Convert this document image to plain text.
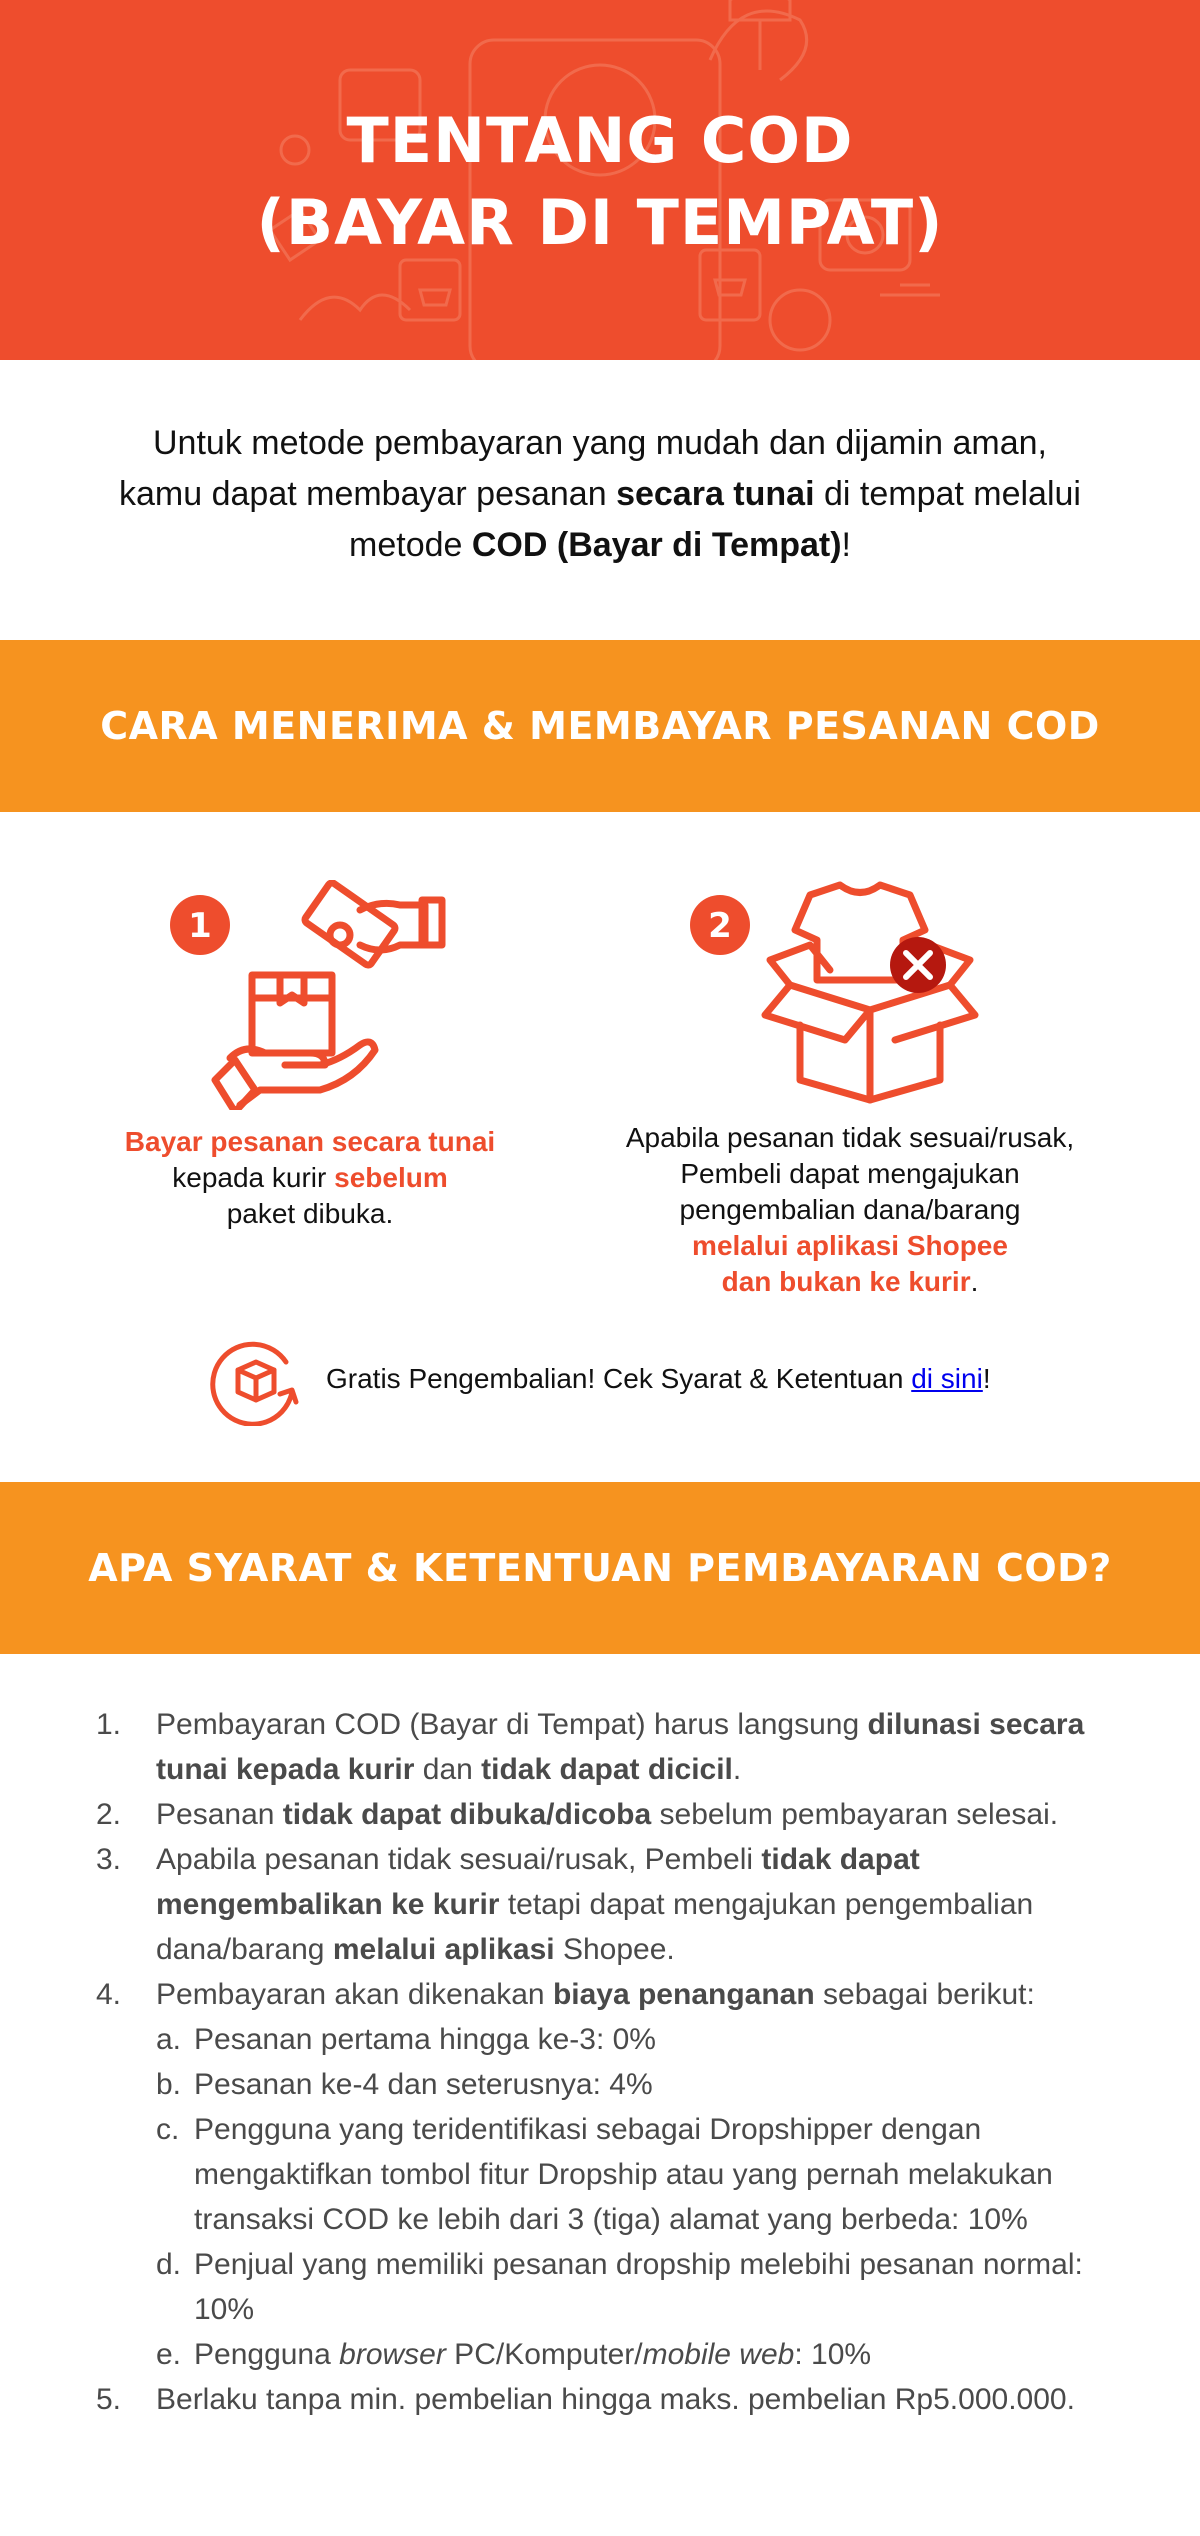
TENTANG COD
(BAYAR DI TEMPAT)
Untuk metode pembayaran yang mudah dan dijamin aman,
kamu dapat membayar pesanan secara tunai di tempat melalui
metode COD (Bayar di Tempat)!
CARA MENERIMA & MEMBAYAR PESANAN COD
1
Bayar pesanan secara tunai
kepada kurir sebelum
paket dibuka.
2
Apabila pesanan tidak sesuai/rusak,
Pembeli dapat mengajukan
pengembalian dana/barang
melalui aplikasi Shopee
dan bukan ke kurir.
Gratis Pengembalian! Cek Syarat & Ketentuan di sini!
APA SYARAT & KETENTUAN PEMBAYARAN COD?
1.	Pembayaran COD (Bayar di Tempat) harus langsung dilunasi secara tunai kepada kurir dan tidak dapat dicicil.
2.	Pesanan tidak dapat dibuka/dicoba sebelum pembayaran selesai.
3.	Apabila pesanan tidak sesuai/rusak, Pembeli tidak dapat mengembalikan ke kurir tetapi dapat mengajukan pengembalian dana/barang melalui aplikasi Shopee.
4.	Pembayaran akan dikenakan biaya penanganan sebagai berikut:
a. Pesanan pertama hingga ke-3: 0%
b. Pesanan ke-4 dan seterusnya: 4%
c. Pengguna yang teridentifikasi sebagai Dropshipper dengan mengaktifkan tombol fitur Dropship atau yang pernah melakukan transaksi COD ke lebih dari 3 (tiga) alamat yang berbeda: 10%
d. Penjual yang memiliki pesanan dropship melebihi pesanan normal: 10%
e. Pengguna browser PC/Komputer/mobile web: 10%
5.	Berlaku tanpa min. pembelian hingga maks. pembelian Rp5.000.000.
